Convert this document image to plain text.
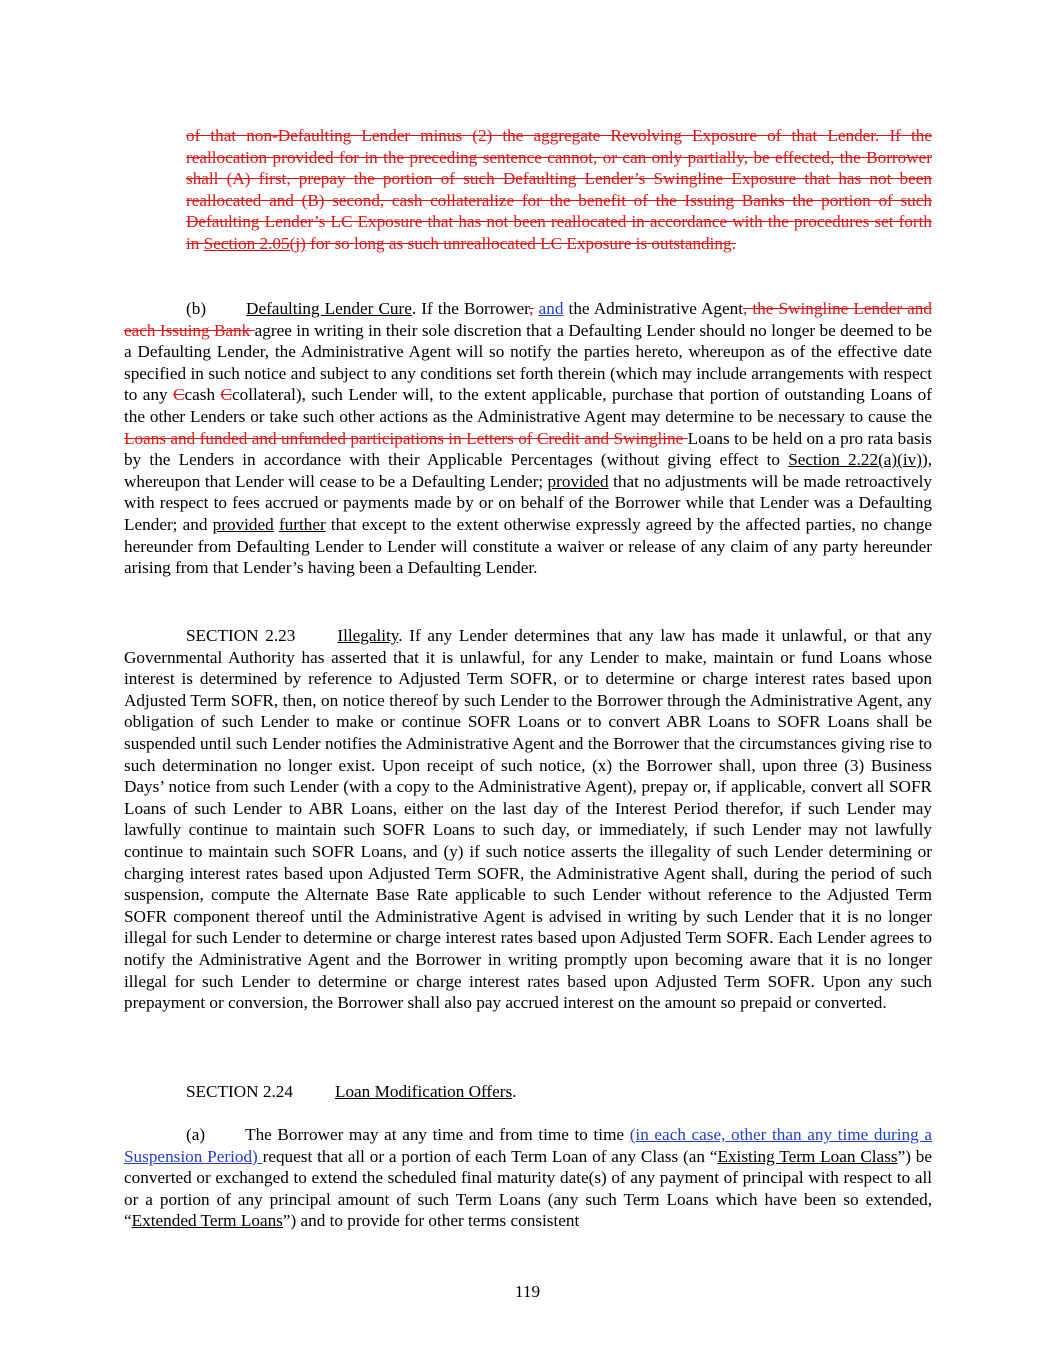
of that non-Defaulting Lender minus (2) the aggregate Revolving Exposure of that Lender. If the reallocation provided for in the preceding sentence cannot, or can only partially, be effected, the Borrower shall (A) first, prepay the portion of such Defaulting Lender’s Swingline Exposure that has not been reallocated and (B) second, cash collateralize for the benefit of the Issuing Banks the portion of such Defaulting Lender’s LC Exposure that has not been reallocated in accordance with the procedures set forth in Section 2.05(j) for so long as such unreallocated LC Exposure is outstanding.

(b) Defaulting Lender Cure. If the Borrower, and the Administrative Agent, the Swingline Lender and each Issuing Bank agree in writing in their sole discretion that a Defaulting Lender should no longer be deemed to be a Defaulting Lender, the Administrative Agent will so notify the parties hereto, whereupon as of the effective date specified in such notice and subject to any conditions set forth therein (which may include arrangements with respect to any Ccash Ccollateral), such Lender will, to the extent applicable, purchase that portion of outstanding Loans of the other Lenders or take such other actions as the Administrative Agent may determine to be necessary to cause the Loans and funded and unfunded participations in Letters of Credit and Swingline Loans to be held on a pro rata basis by the Lenders in accordance with their Applicable Percentages (without giving effect to Section 2.22(a)(iv)), whereupon that Lender will cease to be a Defaulting Lender; provided that no adjustments will be made retroactively with respect to fees accrued or payments made by or on behalf of the Borrower while that Lender was a Defaulting Lender; and provided further that except to the extent otherwise expressly agreed by the affected parties, no change hereunder from Defaulting Lender to Lender will constitute a waiver or release of any claim of any party hereunder arising from that Lender’s having been a Defaulting Lender.

SECTION 2.23 Illegality. If any Lender determines that any law has made it unlawful, or that any Governmental Authority has asserted that it is unlawful, for any Lender to make, maintain or fund Loans whose interest is determined by reference to Adjusted Term SOFR, or to determine or charge interest rates based upon Adjusted Term SOFR, then, on notice thereof by such Lender to the Borrower through the Administrative Agent, any obligation of such Lender to make or continue SOFR Loans or to convert ABR Loans to SOFR Loans shall be suspended until such Lender notifies the Administrative Agent and the Borrower that the circumstances giving rise to such determination no longer exist. Upon receipt of such notice, (x) the Borrower shall, upon three (3) Business Days’ notice from such Lender (with a copy to the Administrative Agent), prepay or, if applicable, convert all SOFR Loans of such Lender to ABR Loans, either on the last day of the Interest Period therefor, if such Lender may lawfully continue to maintain such SOFR Loans to such day, or immediately, if such Lender may not lawfully continue to maintain such SOFR Loans, and (y) if such notice asserts the illegality of such Lender determining or charging interest rates based upon Adjusted Term SOFR, the Administrative Agent shall, during the period of such suspension, compute the Alternate Base Rate applicable to such Lender without reference to the Adjusted Term SOFR component thereof until the Administrative Agent is advised in writing by such Lender that it is no longer illegal for such Lender to determine or charge interest rates based upon Adjusted Term SOFR. Each Lender agrees to notify the Administrative Agent and the Borrower in writing promptly upon becoming aware that it is no longer illegal for such Lender to determine or charge interest rates based upon Adjusted Term SOFR. Upon any such prepayment or conversion, the Borrower shall also pay accrued interest on the amount so prepaid or converted.

SECTION 2.24 Loan Modification Offers.

(a) The Borrower may at any time and from time to time (in each case, other than any time during a Suspension Period) request that all or a portion of each Term Loan of any Class (an “Existing Term Loan Class”) be converted or exchanged to extend the scheduled final maturity date(s) of any payment of principal with respect to all or a portion of any principal amount of such Term Loans (any such Term Loans which have been so extended, “Extended Term Loans”) and to provide for other terms consistent

119
